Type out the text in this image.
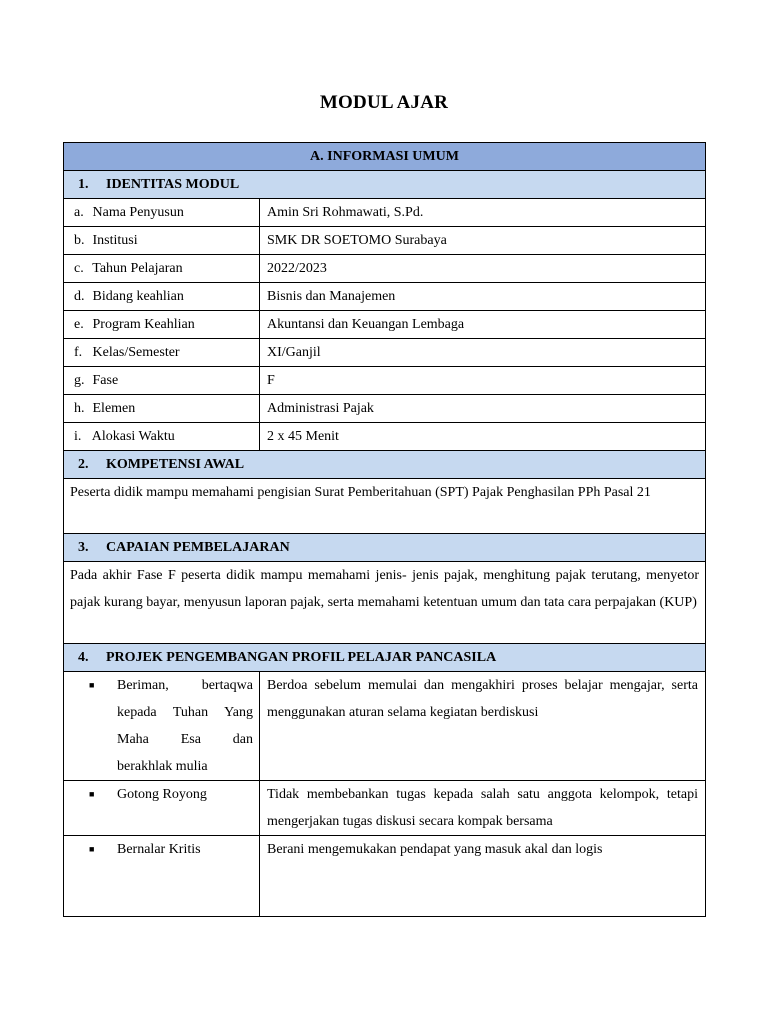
MODUL AJAR
A. INFORMASI UMUM	
1. IDENTITAS MODUL	
a. Nama Penyusun	Amin Sri Rohmawati, S.Pd.
b. Institusi	SMK DR SOETOMO Surabaya
c. Tahun Pelajaran	2022/2023
d. Bidang keahlian	Bisnis dan Manajemen
e. Program Keahlian	Akuntansi dan Keuangan Lembaga
f. Kelas/Semester	XI/Ganjil
g. Fase	F
h. Elemen	Administrasi Pajak
i. Alokasi Waktu	2 x 45 Menit
2. KOMPETENSI AWAL	
Peserta didik mampu memahami pengisian Surat Pemberitahuan (SPT) Pajak Penghasilan PPh Pasal 21	
3. CAPAIAN PEMBELAJARAN	
Pada akhir Fase F peserta didik mampu memahami jenis- jenis pajak, menghitung pajak terutang, menyetor pajak kurang bayar, menyusun laporan pajak, serta memahami ketentuan umum dan tata cara perpajakan (KUP)	
4. PROJEK PENGEMBANGAN PROFIL PELAJAR PANCASILA	

■ Beriman, bertaqwa
kepada Tuhan Yang
Maha Esa dan
berakhlak mulia	Berdoa sebelum memulai dan mengakhiri proses belajar mengajar, serta menggunakan aturan selama kegiatan berdiskusi

■ Gotong Royong	Tidak membebankan tugas kepada salah satu anggota kelompok, tetapi mengerjakan tugas diskusi secara kompak bersama

■ Bernalar Kritis	Berani mengemukakan pendapat yang masuk akal dan logis
